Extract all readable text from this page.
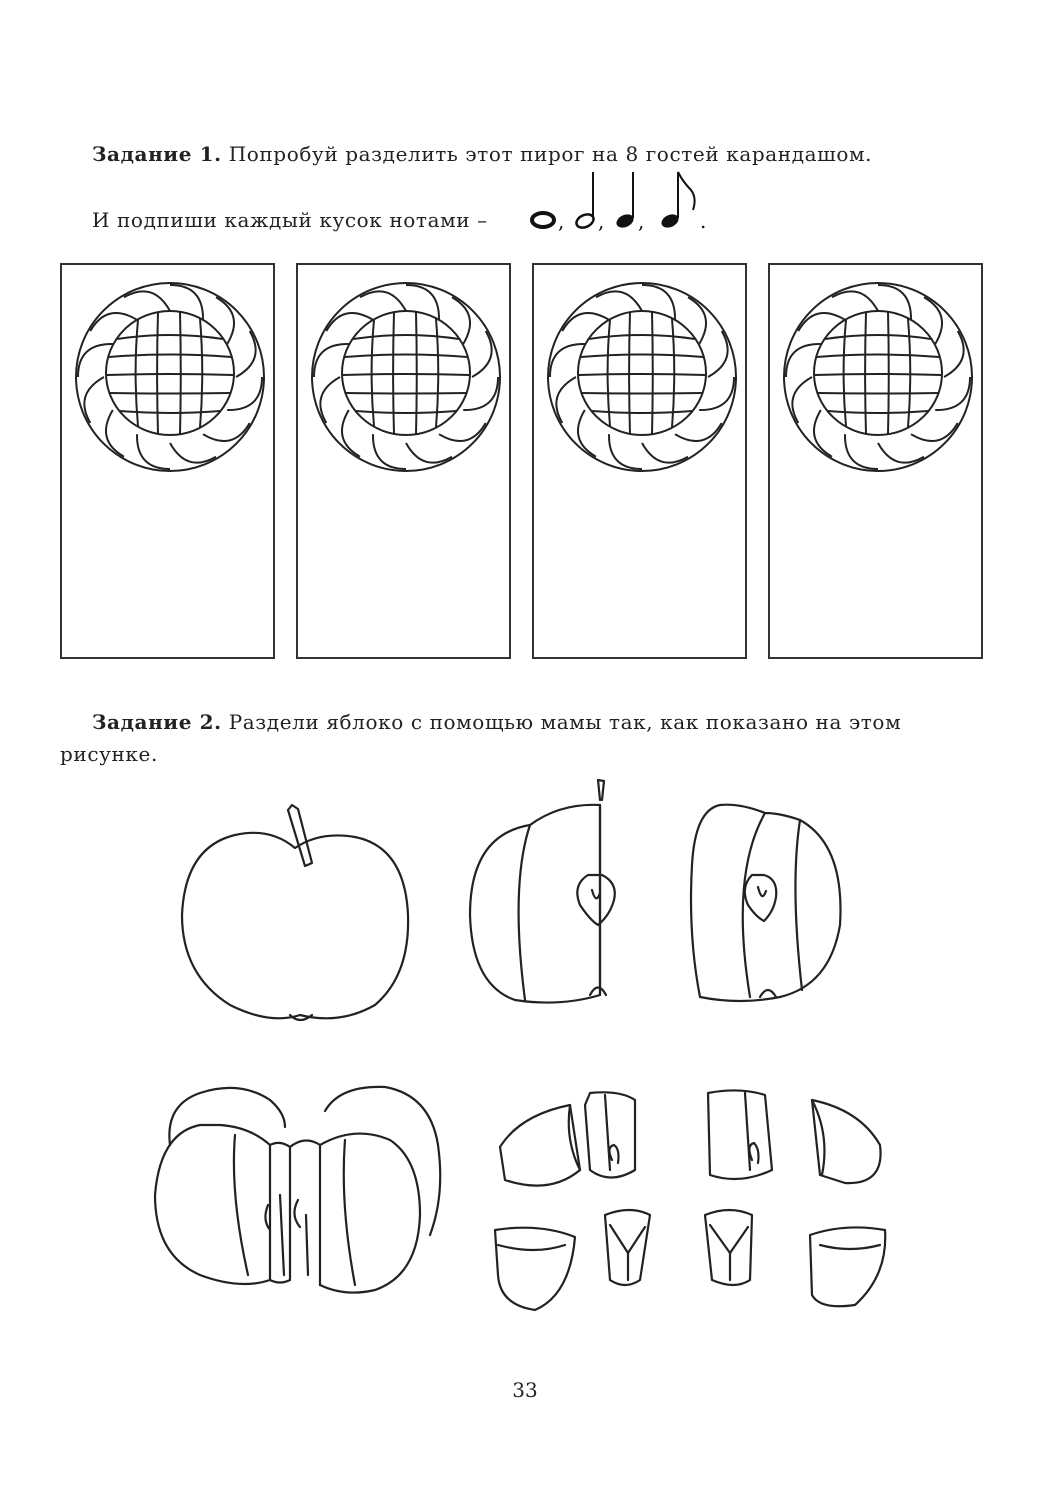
Задание 1. Попробуй разделить этот пирог на 8 гостей карандашом.
И подпиши каждый кусок нотами –	, , ,	.
Задание 2. Раздели яблоко с помощью мамы так, как показано на этом рисунке.
33
